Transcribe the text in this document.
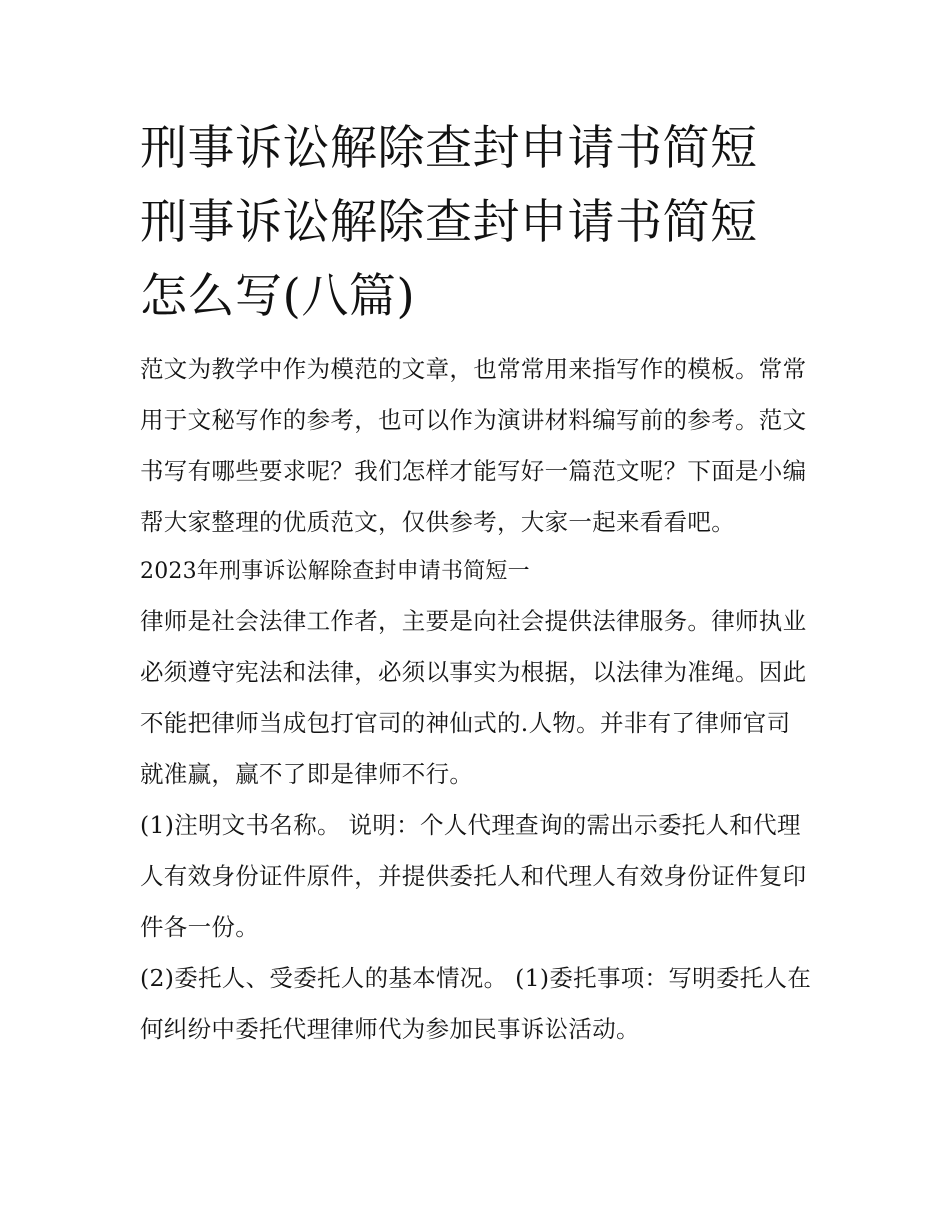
刑事诉讼解除查封申请书简短
刑事诉讼解除查封申请书简短
怎么写(八篇)

范文为教学中作为模范的文章，也常常用来指写作的模板。常常用于文秘写作的参考，也可以作为演讲材料编写前的参考。范文书写有哪些要求呢？我们怎样才能写好一篇范文呢？下面是小编帮大家整理的优质范文，仅供参考，大家一起来看看吧。

2023年刑事诉讼解除查封申请书简短一

律师是社会法律工作者，主要是向社会提供法律服务。律师执业必须遵守宪法和法律，必须以事实为根据，以法律为准绳。因此不能把律师当成包打官司的神仙式的.人物。并非有了律师官司就准赢，赢不了即是律师不行。

(1)注明文书名称。 说明：个人代理查询的需出示委托人和代理人有效身份证件原件，并提供委托人和代理人有效身份证件复印件各一份。

(2)委托人、受委托人的基本情况。 (1)委托事项：写明委托人在何纠纷中委托代理律师代为参加民事诉讼活动。
